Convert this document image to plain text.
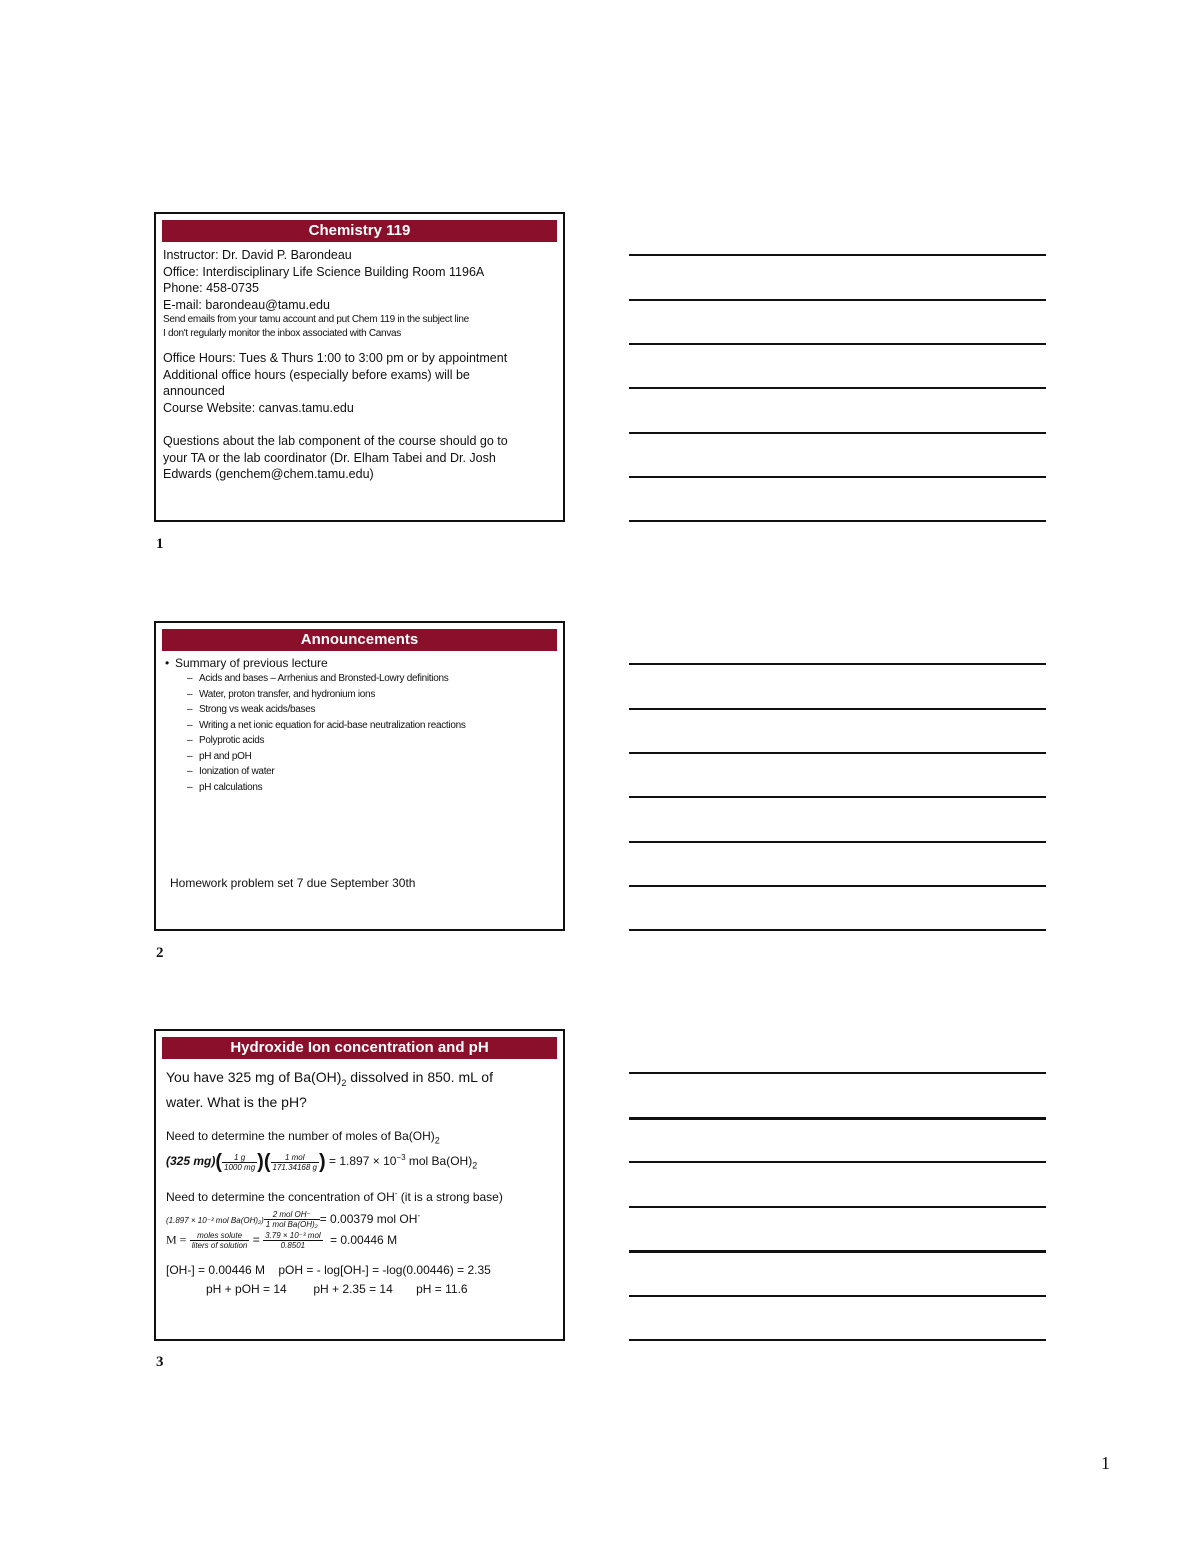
Chemistry 119
Instructor: Dr. David P. Barondeau
Office: Interdisciplinary Life Science Building Room 1196A
Phone: 458-0735
E-mail: barondeau@tamu.edu
Send emails from your tamu account and put Chem 119 in the subject line
I don't regularly monitor the inbox associated with Canvas
Office Hours: Tues & Thurs 1:00 to 3:00 pm or by appointment
Additional office hours (especially before exams) will be
announced
Course Website: canvas.tamu.edu
Questions about the lab component of the course should go to
your TA or the lab coordinator (Dr. Elham Tabei and Dr. Josh
Edwards (genchem@chem.tamu.edu)
1
Announcements
• Summary of previous lecture
– Acids and bases – Arrhenius and Bronsted-Lowry definitions
– Water, proton transfer, and hydronium ions
– Strong vs weak acids/bases
– Writing a net ionic equation for acid-base neutralization reactions
– Polyprotic acids
– pH and pOH
– Ionization of water
– pH calculations
Homework problem set 7 due September 30th
2
Hydroxide Ion concentration and pH
You have 325 mg of $Ba(OH)_2$ dissolved in 850. mL of
water. What is the pH?
Need to determine the number of moles of $Ba(OH)_2$
(325 $mg)( \frac{1 g}{1000 mg}$ )( $\frac{\text{1 mol}}{171.34168 g}$ ) = $1.897 \times 10^{-3}$ mol $Ba(OH)_2$
Need to determine the concentration of OH- (it is a strong base)
(1.897 × 10⁻³ mol $Ba(OH)_2) \frac{\text{2 mol OH⁻}}{\text{1 mol Ba(OH)₂}} = 0.00379$ mol OH-
$M = \frac{\text{moles solute}}{\text{liters of solution}} = \frac{\text{3.79 × 10⁻³ mol}}{0.8501} = 0.00446$ M
[OH-] = 0.00446 M    pOH = - log[OH-] = -log(0.00446) = 2.35
pH + pOH = 14        pH + 2.35 = 14       pH = 11.6
3
1
